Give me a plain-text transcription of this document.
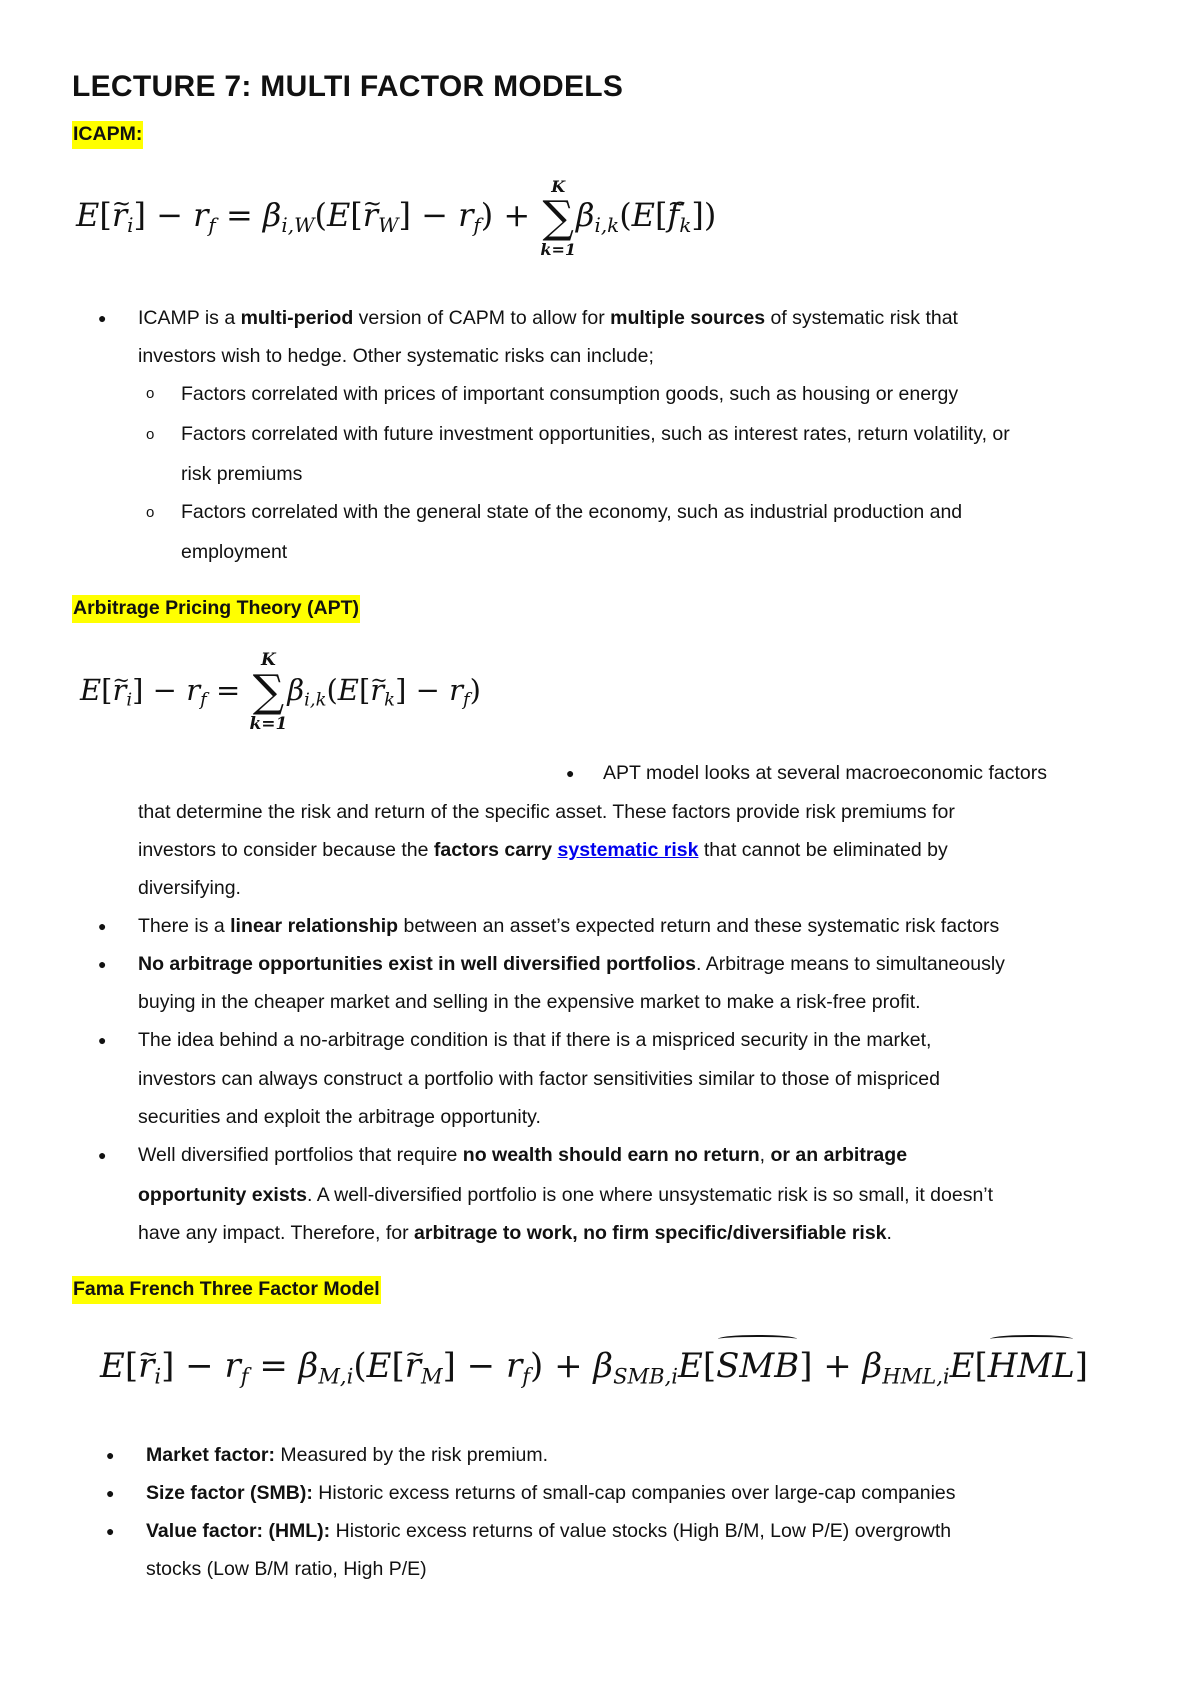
LECTURE 7: MULTI FACTOR MODELS
ICAPM:
E[~ $r_i] - r_f$ = $\beta_{i,W}(E[\sim$ $r_W] - r_f$) +
K
∑
k=1
$\beta_{i,k}(E[\sim$ $f_k$])
● ICAMP is a multi-period version of CAPM to allow for multiple sources of systematic risk that
investors wish to hedge. Other systematic risks can include;
o Factors correlated with prices of important consumption goods, such as housing or energy
o Factors correlated with future investment opportunities, such as interest rates, return volatility, or
risk premiums
o Factors correlated with the general state of the economy, such as industrial production and
employment
Arbitrage Pricing Theory (APT)
E[~ $r_i] - r_f$ =
K
∑
k=1
$\beta_{i,k}(E[\sim$ $r_k] - r_f$)
● APT model looks at several macroeconomic factors
that determine the risk and return of the specific asset. These factors provide risk premiums for
investors to consider because the factors carry systematic risk that cannot be eliminated by
diversifying.
● There is a linear relationship between an asset’s expected return and these systematic risk factors
● No arbitrage opportunities exist in well diversified portfolios. Arbitrage means to simultaneously
buying in the cheaper market and selling in the expensive market to make a risk-free profit.
● The idea behind a no-arbitrage condition is that if there is a mispriced security in the market,
investors can always construct a portfolio with factor sensitivities similar to those of mispriced
securities and exploit the arbitrage opportunity.
● Well diversified portfolios that require no wealth should earn no return, or an arbitrage
opportunity exists. A well-diversified portfolio is one where unsystematic risk is so small, it doesn’t
have any impact. Therefore, for arbitrage to work, no firm specific/diversifiable risk.
Fama French Three Factor Model
E[~ $r_i] - r_f$ = $\beta_{M,i}(E[\sim$ $r_M] - r_f) + \beta_{SMB,i}E[SMB] + \beta_{HML,i}E[HML]$
● Market factor: Measured by the risk premium.
● Size factor (SMB): Historic excess returns of small-cap companies over large-cap companies
● Value factor: (HML): Historic excess returns of value stocks (High B/M, Low P/E) overgrowth
stocks (Low B/M ratio, High P/E)
